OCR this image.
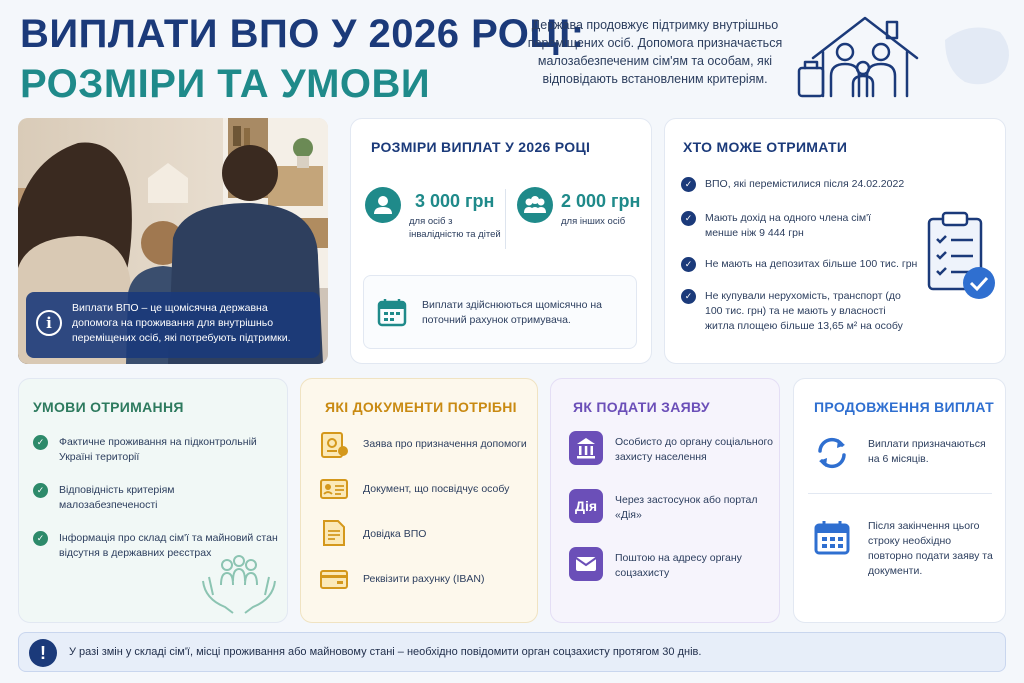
ВИПЛАТИ ВПО У 2026 РОЦІ:
РОЗМІРИ ТА УМОВИ
Держава продовжує підтримку внутрішньо переміщених осіб. Допомога призначається малозабезпеченим сім'ям та особам, які відповідають встановленим критеріям.
i
Виплати ВПО – це щомісячна державна допомога на проживання для внутрішньо переміщених осіб, які потребують підтримки.
РОЗМІРИ ВИПЛАТ У 2026 РОЦІ
3 000 грн
для осіб з інвалідністю та дітей
2 000 грн
для інших осіб
Виплати здійснюються щомісячно на поточний рахунок отримувача.
ХТО МОЖЕ ОТРИМАТИ
✓	ВПО, які перемістилися після 24.02.2022
✓	Мають дохід на одного члена сім'ї менше ніж 9 444 грн
✓	Не мають на депозитах більше 100 тис. грн
✓	Не купували нерухомість, транспорт (до 100 тис. грн) та не мають у власності житла площею більше 13,65 м² на особу
УМОВИ ОТРИМАННЯ
✓	Фактичне проживання на підконтрольній Україні території
✓	Відповідність критеріям малозабезпеченості
✓	Інформація про склад сім'ї та майновий стан відсутня в державних реєстрах
ЯКІ ДОКУМЕНТИ ПОТРІБНІ
Заява про призначення допомоги
Документ, що посвідчує особу
Довідка ВПО
Реквізити рахунку (IBAN)
ЯК ПОДАТИ ЗАЯВУ
Особисто до органу соціального захисту населення
Дія	Через застосунок або портал «Дія»
Поштою на адресу органу соцзахисту
ПРОДОВЖЕННЯ ВИПЛАТ
Виплати призначаються на 6 місяців.
Після закінчення цього строку необхідно повторно подати заяву та документи.
!	У разі змін у складі сім'ї, місці проживання або майновому стані – необхідно повідомити орган соцзахисту протягом 30 днів.
